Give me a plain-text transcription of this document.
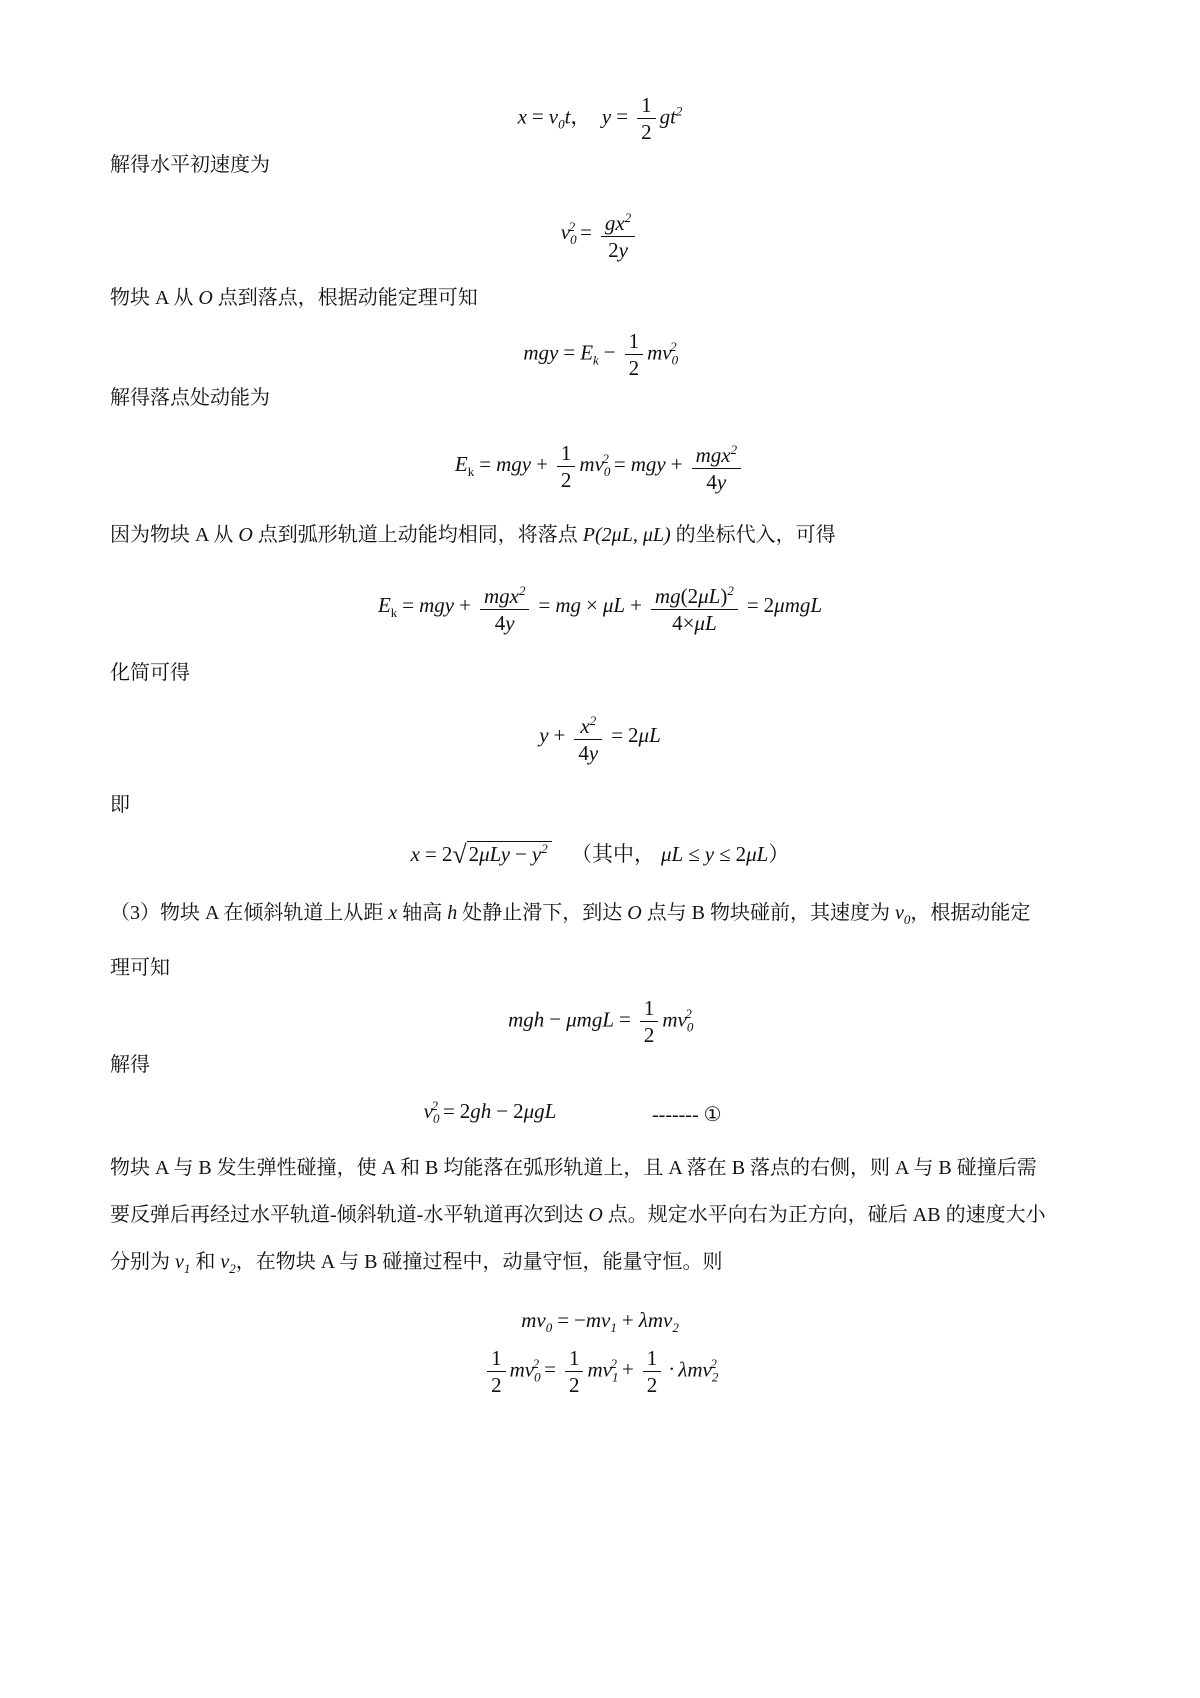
$x = v_0t$，  $y = \frac{1}{2} gt^2$
解得水平初速度为
$v_0^2 = \frac{gx^2}{2y}$
物块 A 从 O 点到落点，根据动能定理可知
mgy = $E_k - \frac{1}{2} mv_0^2$
解得落点处动能为
$E_k$ = mgy + $\frac{1}{2} mv_0^2$ = mgy + $\frac{mgx^2}{4y}$
因为物块 A 从 O 点到弧形轨道上动能均相同，将落点 P(2μL, μL) 的坐标代入，可得
$E_k$ = mgy + $\frac{mgx^2}{4y}$ = mg × $\mu L + \frac{mg(2\mu L)^2}{4\times\mu L} = 2\mu mgL$
化简可得
$y + \frac{x^2}{4y} = 2\mu L$
即
$x = 2√2\mu Ly - y^2$ （其中， μL ≤ y ≤ 2μL）
（3）物块 A 在倾斜轨道上从距 x 轴高 h 处静止滑下，到达 O 点与 B 物块碰前，其速度为 $v_0$，根据动能定
理可知
mgh − $\mu mgL = \frac{1}{2} mv_0^2$
解得
$v_0^2 = 2gh - 2\mu gL$	------- ①
物块 A 与 B 发生弹性碰撞，使 A 和 B 均能落在弧形轨道上，且 A 落在 B 落点的右侧，则 A 与 B 碰撞后需
要反弹后再经过水平轨道-倾斜轨道-水平轨道再次到达 O 点。规定水平向右为正方向，碰后 AB 的速度大小
分别为 $v_1$ 和 $v_2$，在物块 A 与 B 碰撞过程中，动量守恒，能量守恒。则
$mv_0 = -mv_1 + \lambda mv_2$
$\frac{1}{2} mv_0^2 = \frac{1}{2} mv_1^2 + \frac{1}{2} \cdot \lambda mv_2^2$
